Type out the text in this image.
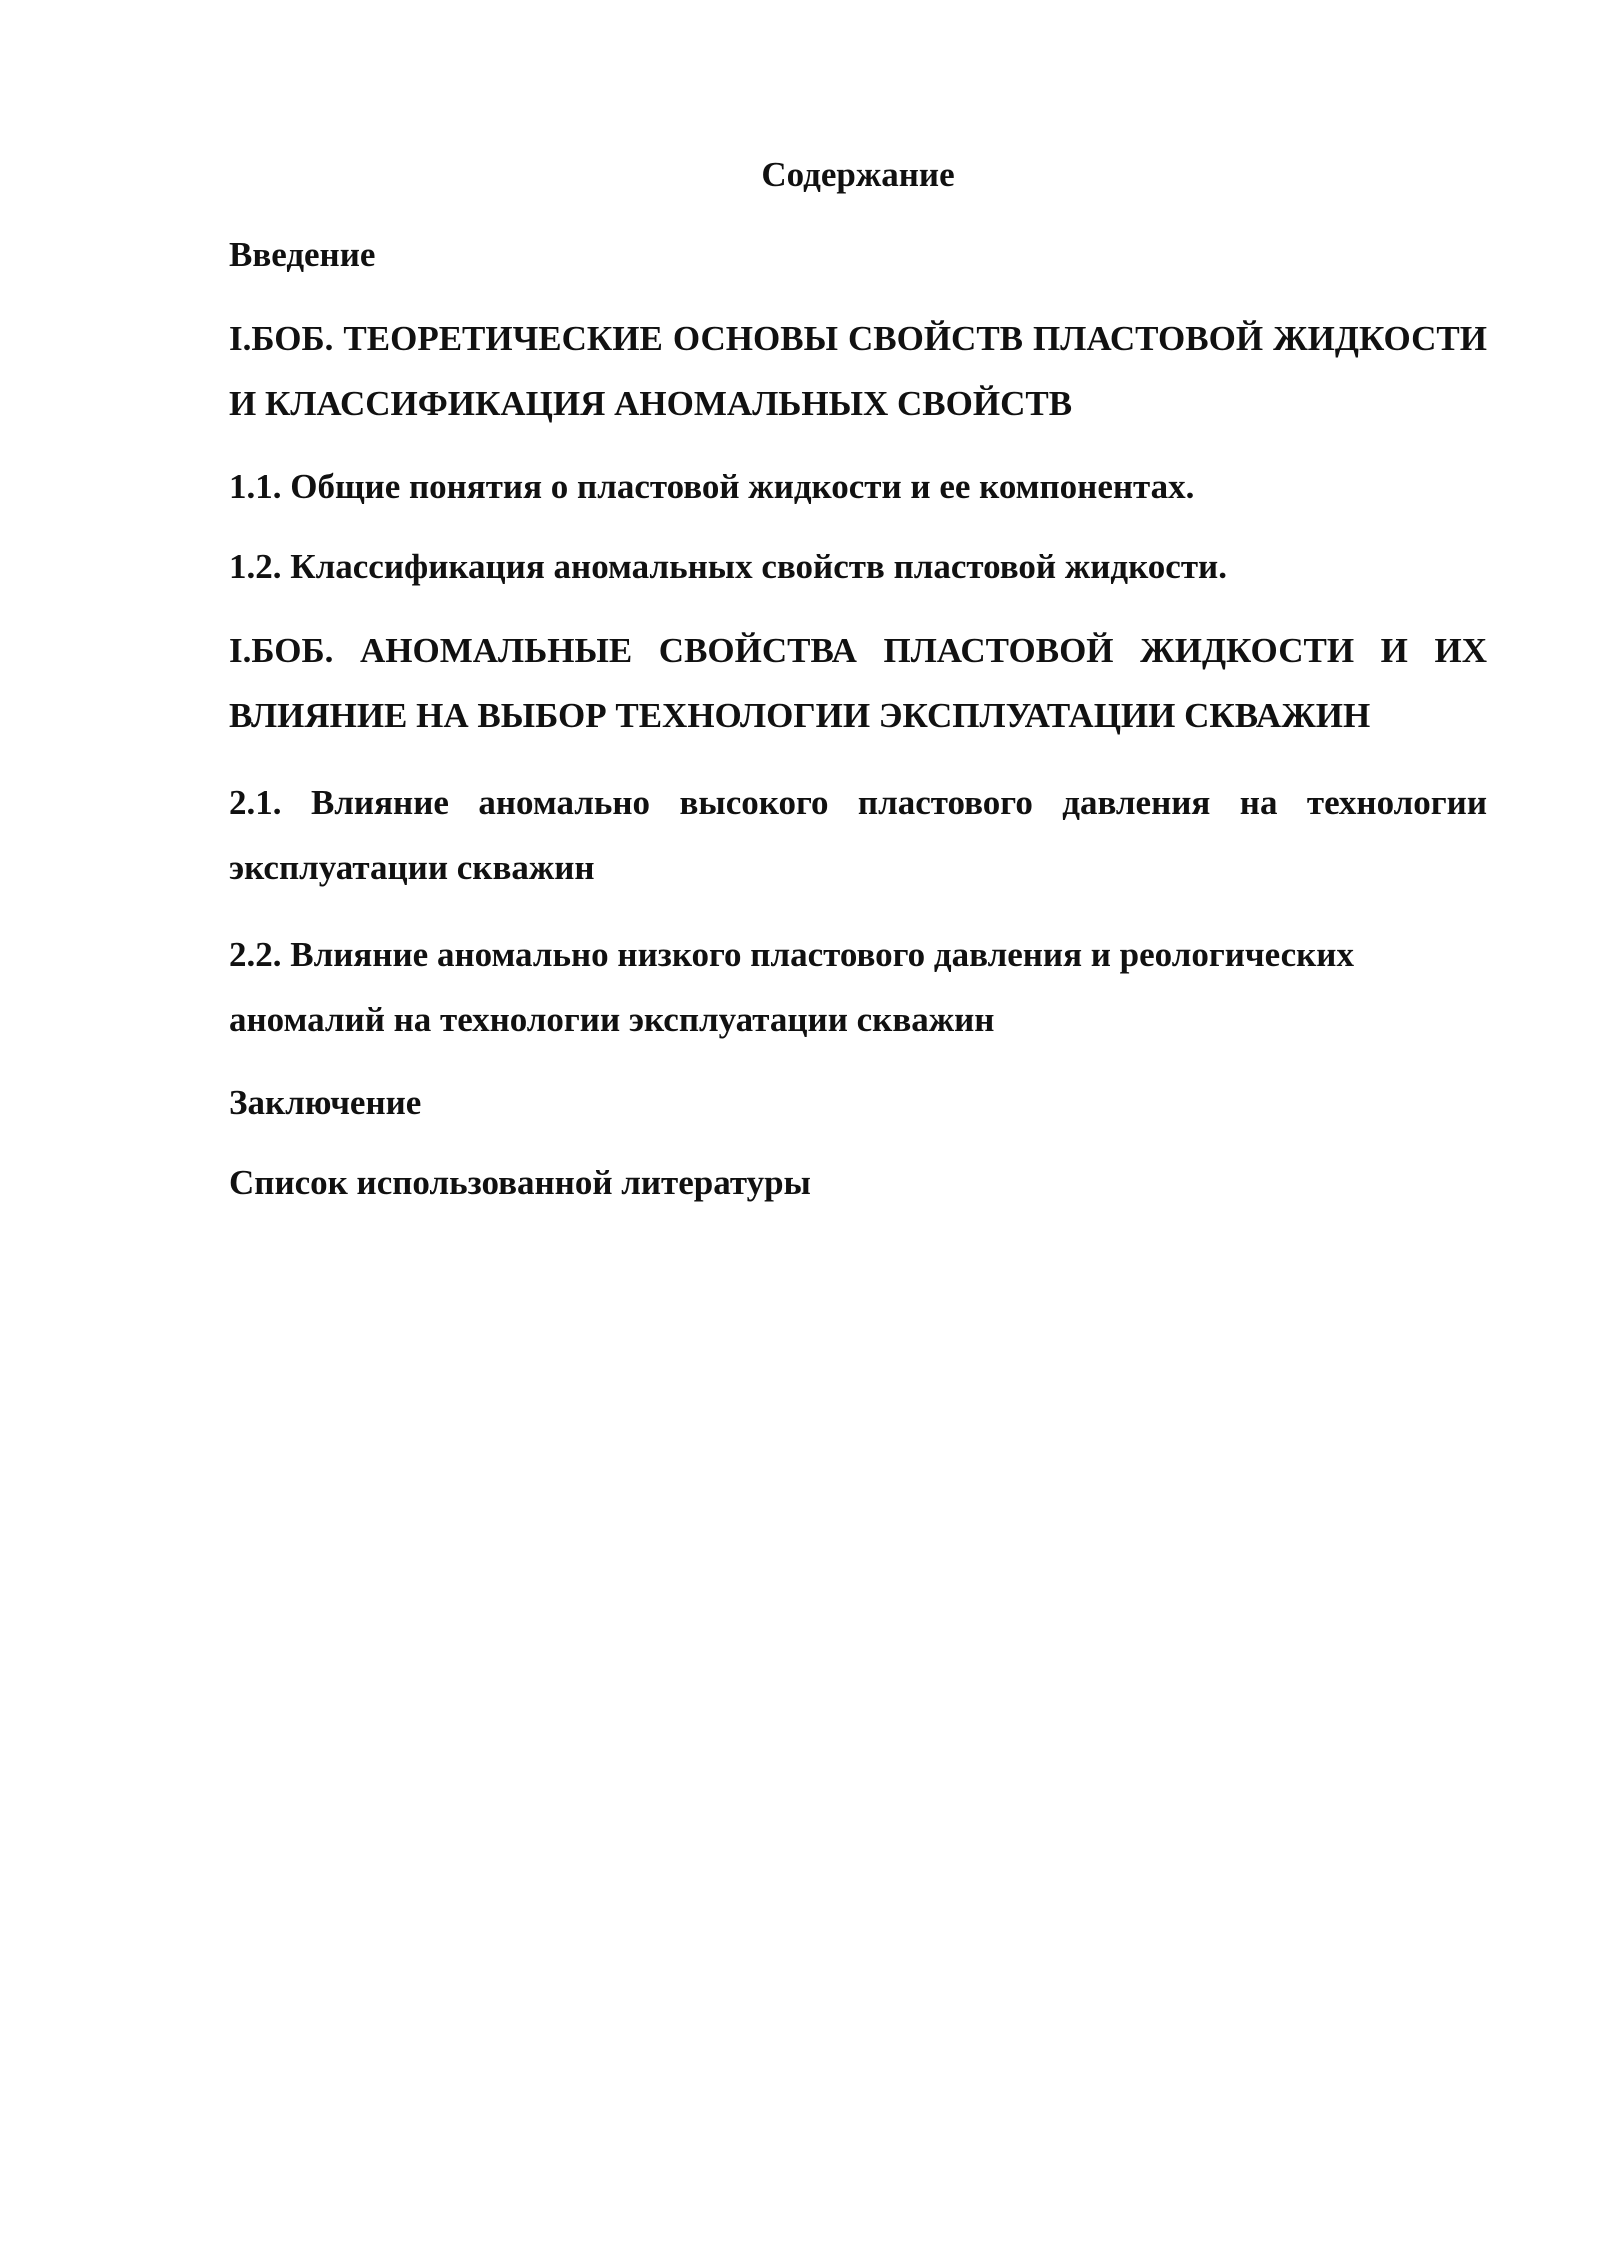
Содержание
Введение
I.БОБ. ТЕОРЕТИЧЕСКИЕ ОСНОВЫ СВОЙСТВ ПЛАСТОВОЙ ЖИДКОСТИ И КЛАССИФИКАЦИЯ АНОМАЛЬНЫХ СВОЙСТВ
1.1. Общие понятия о пластовой жидкости и ее компонентах.
1.2. Классификация аномальных свойств пластовой жидкости.
I.БОБ. АНОМАЛЬНЫЕ СВОЙСТВА ПЛАСТОВОЙ ЖИДКОСТИ И ИХ ВЛИЯНИЕ НА ВЫБОР ТЕХНОЛОГИИ ЭКСПЛУАТАЦИИ СКВАЖИН
2.1. Влияние аномально высокого пластового давления на технологии эксплуатации скважин
2.2. Влияние аномально низкого пластового давления и реологических аномалий на технологии эксплуатации скважин
Заключение
Список использованной литературы
